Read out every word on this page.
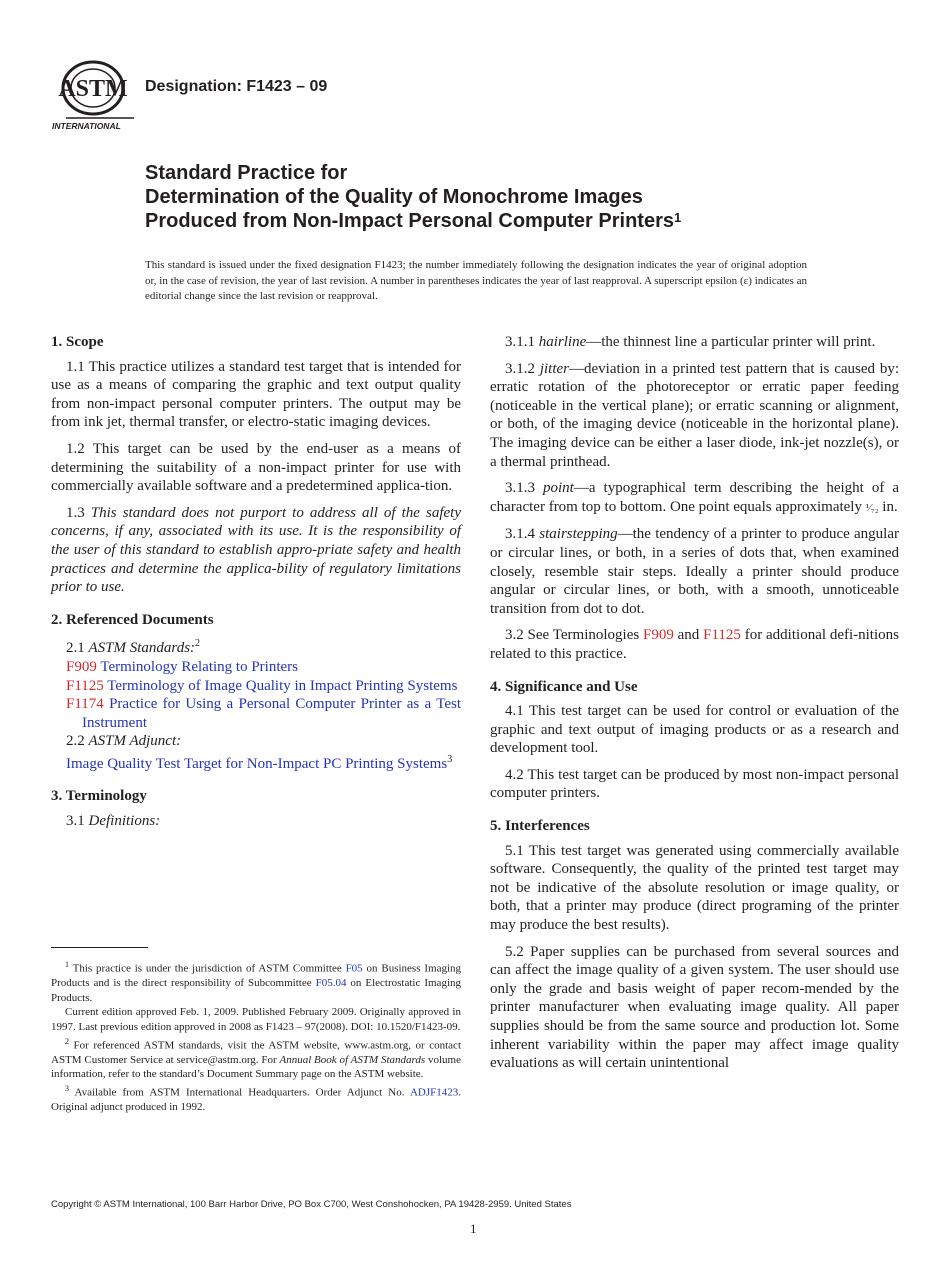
ASTM
INTERNATIONAL
Designation: F1423 – 09
Standard Practice for
Determination of the Quality of Monochrome Images
Produced from Non-Impact Personal Computer Printers$^1$
This standard is issued under the fixed designation F1423; the number immediately following the designation indicates the year of original adoption or, in the case of revision, the year of last revision. A number in parentheses indicates the year of last reapproval. A superscript epsilon (ε) indicates an editorial change since the last revision or reapproval.
1. Scope

1.1 This practice utilizes a standard test target that is intended for use as a means of comparing the graphic and text output quality from non-impact personal computer printers. The output may be from ink jet, thermal transfer, or electro-static imaging devices.

1.2 This target can be used by the end-user as a means of determining the suitability of a non-impact printer for use with commercially available software and a predetermined applica-tion.

1.3 This standard does not purport to address all of the safety concerns, if any, associated with its use. It is the responsibility of the user of this standard to establish appro-priate safety and health practices and determine the applica-bility of regulatory limitations prior to use.

2. Referenced Documents

2.1 ASTM Standards:$^2$

F909 Terminology Relating to Printers

F1125 Terminology of Image Quality in Impact Printing Systems

F1174 Practice for Using a Personal Computer Printer as a Test Instrument

2.2 ASTM Adjunct:

Image Quality Test Target for Non-Impact PC Printing Systems$^3$

3. Terminology

3.1 Definitions:

3.1.1 hairline—the thinnest line a particular printer will print.

3.1.2 jitter—deviation in a printed test pattern that is caused by: erratic rotation of the photoreceptor or erratic paper feeding (noticeable in the vertical plane); or erratic scanning or alignment, or both, of the imaging device (noticeable in the horizontal plane). The imaging device can be either a laser diode, ink-jet nozzle(s), or a thermal printhead.

3.1.3 point—a typographical term describing the height of a character from top to bottom. One point equals approximately ¹⁄₇₂ in.

3.1.4 stairstepping—the tendency of a printer to produce angular or circular lines, or both, in a series of dots that, when examined closely, resemble stair steps. Ideally a printer should produce angular or circular lines, or both, with a smooth, unnoticeable transition from dot to dot.

3.2 See Terminologies F909 and F1125 for additional defi-nitions related to this practice.

4. Significance and Use

4.1 This test target can be used for control or evaluation of the graphic and text output of imaging products or as a research and development tool.

4.2 This test target can be produced by most non-impact personal computer printers.

5. Interferences

5.1 This test target was generated using commercially available software. Consequently, the quality of the printed test target may not be indicative of the absolute resolution or image quality, or both, that a printer may produce (direct programing of the printer may produce the best results).

5.2 Paper supplies can be purchased from several sources and can affect the image quality of a given system. The user should use only the grade and basis weight of paper recom-mended by the printer manufacturer when evaluating image quality. All paper supplies should be from the same source and production lot. Some inherent variability within the paper may affect image quality evaluations as will certain unintentional

$^1$ This practice is under the jurisdiction of ASTM Committee F05 on Business Imaging Products and is the direct responsibility of Subcommittee F05.04 on Electrostatic Imaging Products.

Current edition approved Feb. 1, 2009. Published February 2009. Originally approved in 1997. Last previous edition approved in 2008 as F1423 – 97(2008). DOI: 10.1520/F1423-09.

$^2$ For referenced ASTM standards, visit the ASTM website, www.astm.org, or contact ASTM Customer Service at service@astm.org. For Annual Book of ASTM Standards volume information, refer to the standard’s Document Summary page on the ASTM website.

$^3$ Available from ASTM International Headquarters. Order Adjunct No. ADJF1423. Original adjunct produced in 1992.

Copyright © ASTM International, 100 Barr Harbor Drive, PO Box C700, West Conshohocken, PA 19428-2959. United States
1
